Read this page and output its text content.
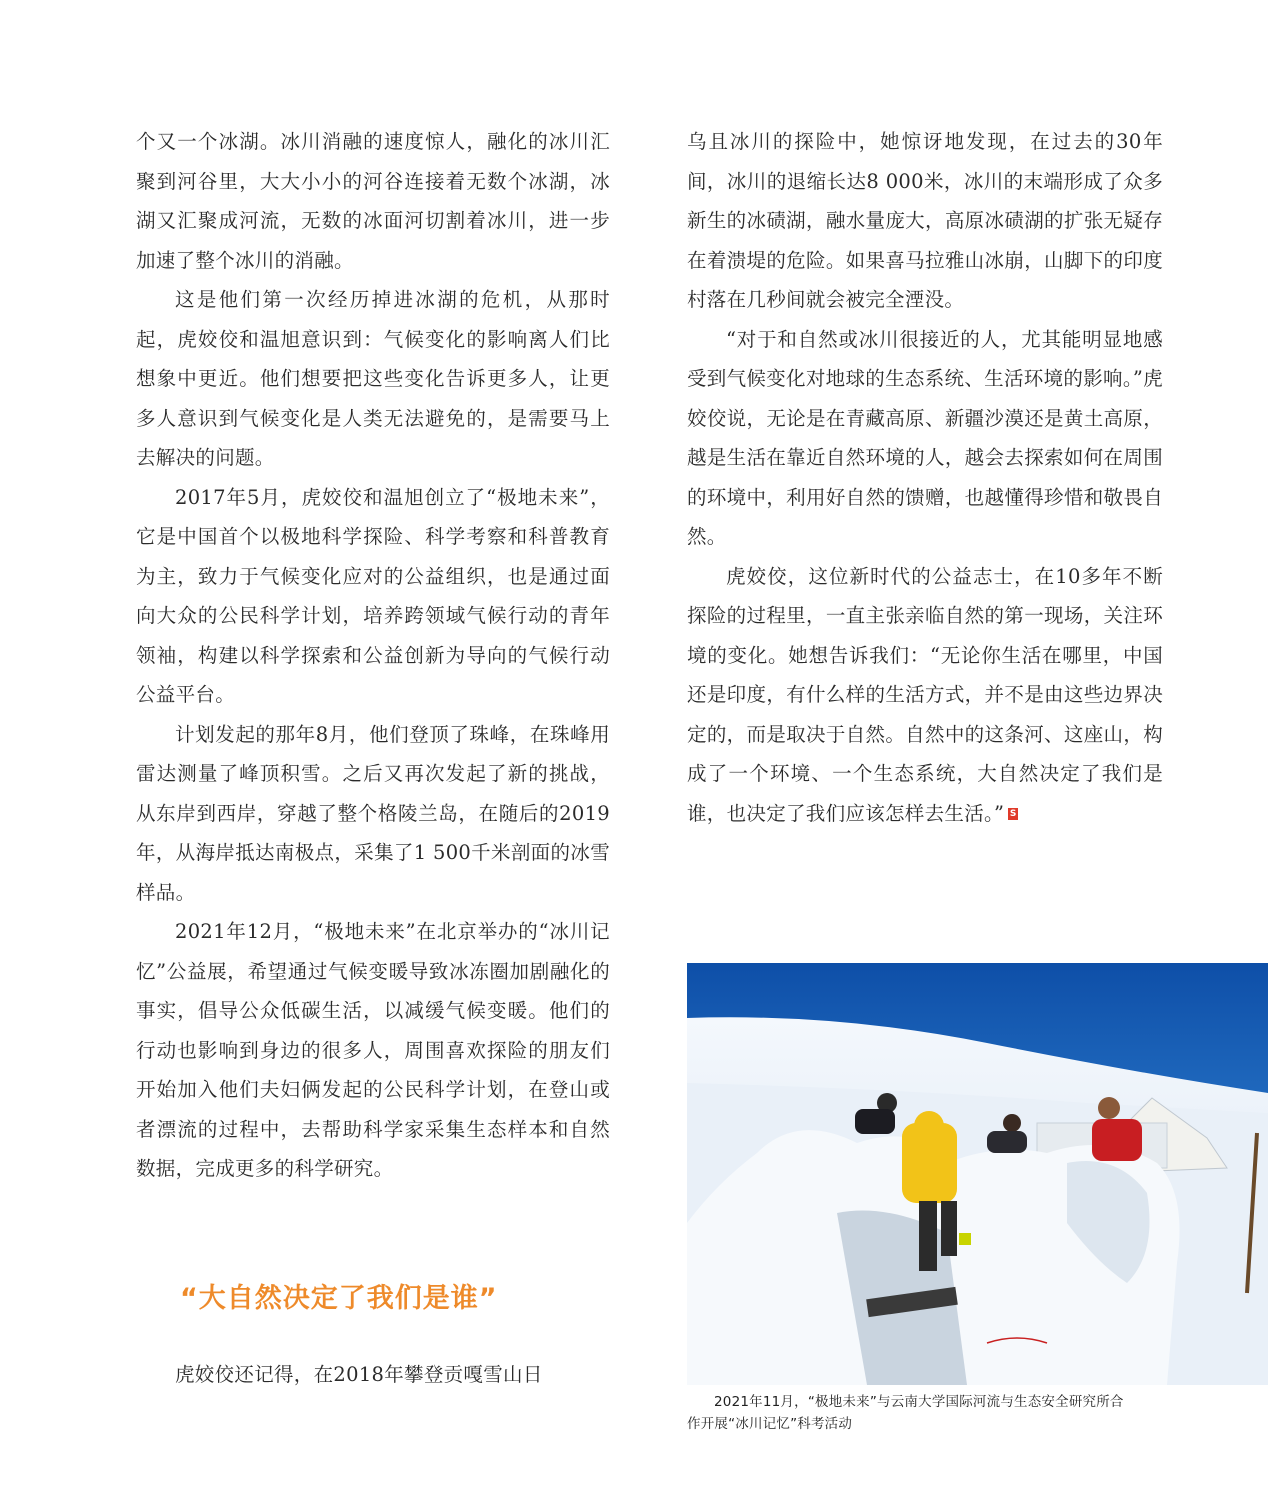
个又一个冰湖。冰川消融的速度惊人，融化的冰川汇聚到河谷里，大大小小的河谷连接着无数个冰湖，冰湖又汇聚成河流，无数的冰面河切割着冰川，进一步加速了整个冰川的消融。

这是他们第一次经历掉进冰湖的危机，从那时起，虎姣佼和温旭意识到：气候变化的影响离人们比想象中更近。他们想要把这些变化告诉更多人，让更多人意识到气候变化是人类无法避免的，是需要马上去解决的问题。

2017年5月，虎姣佼和温旭创立了“极地未来”，它是中国首个以极地科学探险、科学考察和科普教育为主，致力于气候变化应对的公益组织，也是通过面向大众的公民科学计划，培养跨领域气候行动的青年领袖，构建以科学探索和公益创新为导向的气候行动公益平台。

计划发起的那年8月，他们登顶了珠峰，在珠峰用雷达测量了峰顶积雪。之后又再次发起了新的挑战，从东岸到西岸，穿越了整个格陵兰岛，在随后的2019年，从海岸抵达南极点，采集了1 500千米剖面的冰雪样品。

2021年12月，“极地未来”在北京举办的“冰川记忆”公益展，希望通过气候变暖导致冰冻圈加剧融化的事实，倡导公众低碳生活，以减缓气候变暖。他们的行动也影响到身边的很多人，周围喜欢探险的朋友们开始加入他们夫妇俩发起的公民科学计划，在登山或者漂流的过程中，去帮助科学家采集生态样本和自然数据，完成更多的科学研究。

“大自然决定了我们是谁”

虎姣佼还记得，在2018年攀登贡嘎雪山日

乌且冰川的探险中，她惊讶地发现，在过去的30年间，冰川的退缩长达8 000米，冰川的末端形成了众多新生的冰碛湖，融水量庞大，高原冰碛湖的扩张无疑存在着溃堤的危险。如果喜马拉雅山冰崩，山脚下的印度村落在几秒间就会被完全湮没。

“对于和自然或冰川很接近的人，尤其能明显地感受到气候变化对地球的生态系统、生活环境的影响。”虎姣佼说，无论是在青藏高原、新疆沙漠还是黄土高原，越是生活在靠近自然环境的人，越会去探索如何在周围的环境中，利用好自然的馈赠，也越懂得珍惜和敬畏自然。

虎姣佼，这位新时代的公益志士，在10多年不断探险的过程里，一直主张亲临自然的第一现场，关注环境的变化。她想告诉我们：“无论你生活在哪里，中国还是印度，有什么样的生活方式，并不是由这些边界决定的，而是取决于自然。自然中的这条河、这座山，构成了一个环境、一个生态系统，大自然决定了我们是谁，也决定了我们应该怎样去生活。” S

2021年11月，“极地未来”与云南大学国际河流与生态安全研究所合
作开展“冰川记忆”科考活动
